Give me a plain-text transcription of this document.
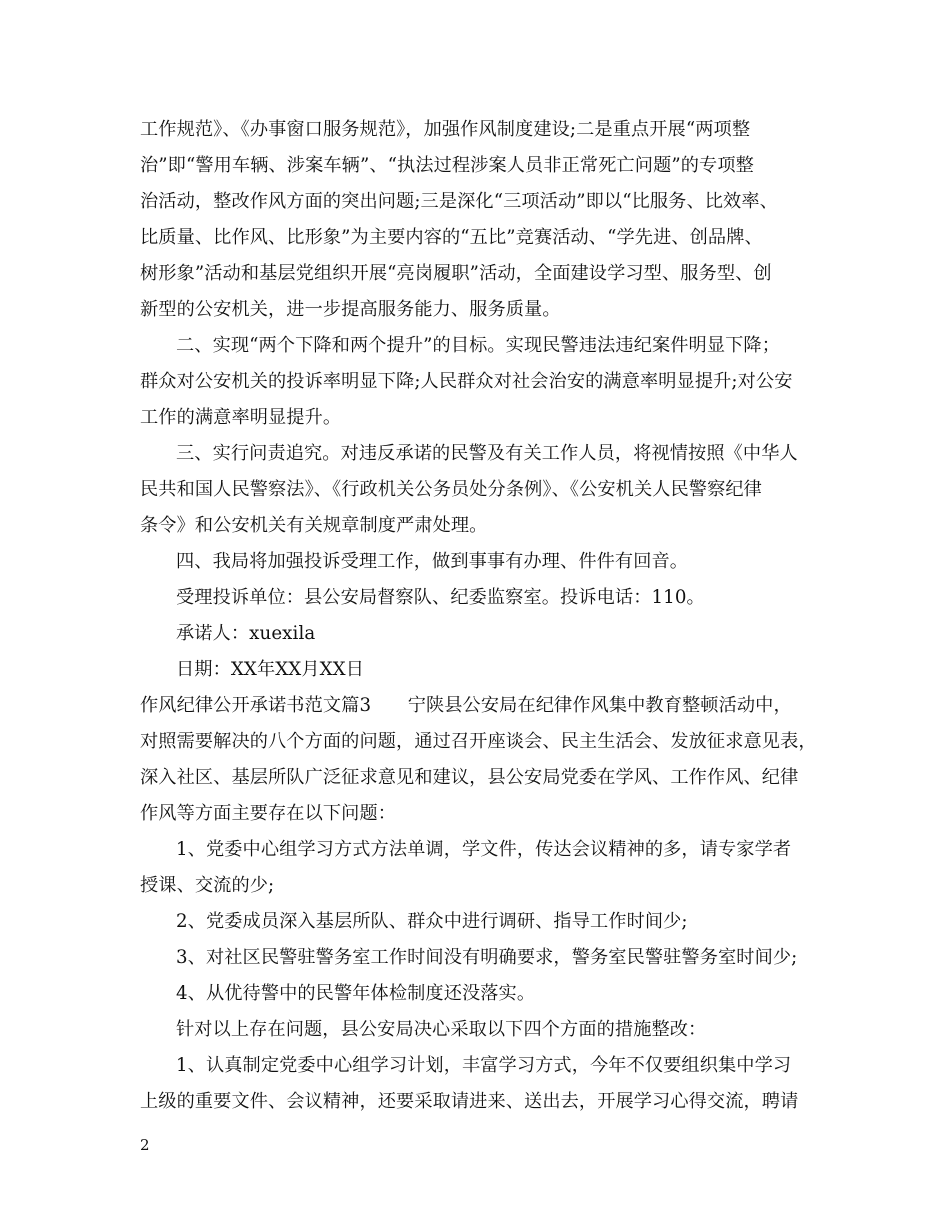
工作规范》、《办事窗口服务规范》，加强作风制度建设;二是重点开展“两项整
治”即“警用车辆、涉案车辆”、“执法过程涉案人员非正常死亡问题”的专项整
治活动，整改作风方面的突出问题;三是深化“三项活动”即以“比服务、比效率、
比质量、比作风、比形象”为主要内容的“五比”竞赛活动、“学先进、创品牌、
树形象”活动和基层党组织开展“亮岗履职”活动，全面建设学习型、服务型、创
新型的公安机关，进一步提高服务能力、服务质量。
二、实现“两个下降和两个提升”的目标。实现民警违法违纪案件明显下降；
群众对公安机关的投诉率明显下降;人民群众对社会治安的满意率明显提升;对公安
工作的满意率明显提升。
三、实行问责追究。对违反承诺的民警及有关工作人员，将视情按照《中华人
民共和国人民警察法》、《行政机关公务员处分条例》、《公安机关人民警察纪律
条令》和公安机关有关规章制度严肃处理。
四、我局将加强投诉受理工作，做到事事有办理、件件有回音。
受理投诉单位：县公安局督察队、纪委监察室。投诉电话：110。
承诺人：xuexila
日期：XX年XX月XX日
作风纪律公开承诺书范文篇3　　宁陕县公安局在纪律作风集中教育整顿活动中，
对照需要解决的八个方面的问题，通过召开座谈会、民主生活会、发放征求意见表，
深入社区、基层所队广泛征求意见和建议，县公安局党委在学风、工作作风、纪律
作风等方面主要存在以下问题：
1、党委中心组学习方式方法单调，学文件，传达会议精神的多，请专家学者
授课、交流的少;
2、党委成员深入基层所队、群众中进行调研、指导工作时间少;
3、对社区民警驻警务室工作时间没有明确要求，警务室民警驻警务室时间少;
4、从优待警中的民警年体检制度还没落实。
针对以上存在问题，县公安局决心采取以下四个方面的措施整改：
1、认真制定党委中心组学习计划，丰富学习方式，今年不仅要组织集中学习
上级的重要文件、会议精神，还要采取请进来、送出去，开展学习心得交流，聘请
2
